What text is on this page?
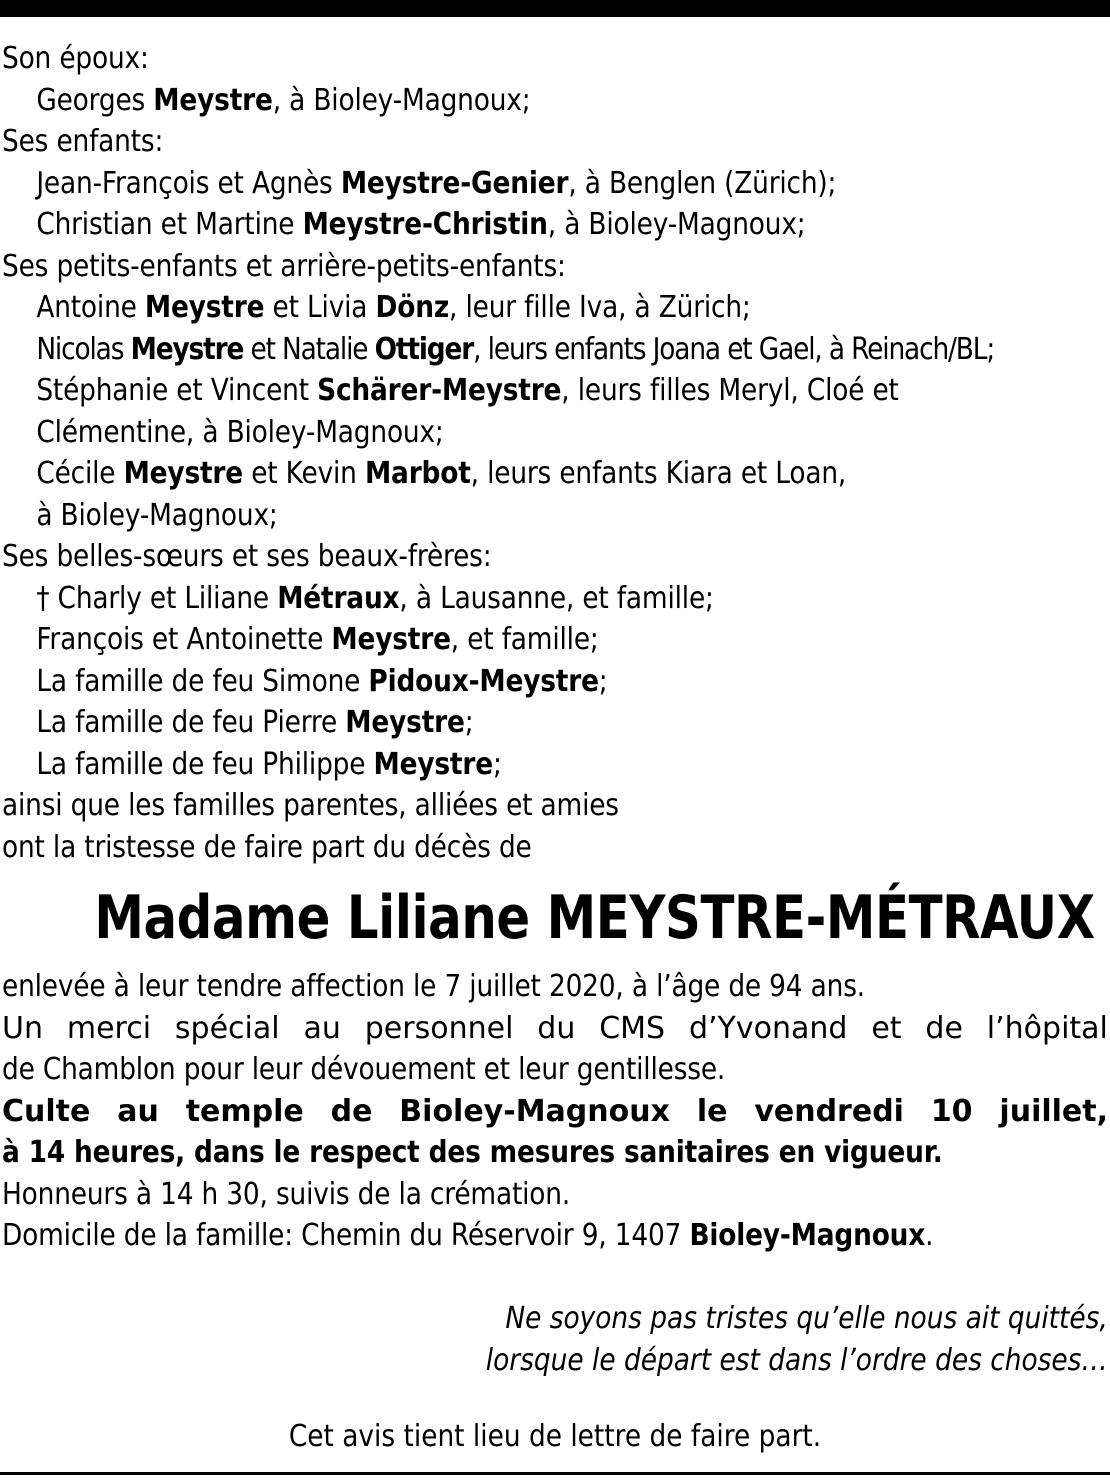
Son époux:
Georges Meystre, à Bioley-Magnoux;
Ses enfants:
Jean-François et Agnès Meystre-Genier, à Benglen (Zürich);
Christian et Martine Meystre-Christin, à Bioley-Magnoux;
Ses petits-enfants et arrière-petits-enfants:
Antoine Meystre et Livia Dönz, leur fille Iva, à Zürich;
Nicolas Meystre et Natalie Ottiger, leurs enfants Joana et Gael, à Reinach/BL;
Stéphanie et Vincent Schärer-Meystre, leurs filles Meryl, Cloé et
Clémentine, à Bioley-Magnoux;
Cécile Meystre et Kevin Marbot, leurs enfants Kiara et Loan,
à Bioley-Magnoux;
Ses belles-sœurs et ses beaux-frères:
† Charly et Liliane Métraux, à Lausanne, et famille;
François et Antoinette Meystre, et famille;
La famille de feu Simone Pidoux-Meystre;
La famille de feu Pierre Meystre;
La famille de feu Philippe Meystre;
ainsi que les familles parentes, alliées et amies
ont la tristesse de faire part du décès de
Madame Liliane MEYSTRE-MÉTRAUX
enlevée à leur tendre affection le 7 juillet 2020, à l’âge de 94 ans.
Un merci spécial au personnel du CMS d’Yvonand et de l’hôpital
de Chamblon pour leur dévouement et leur gentillesse.
Culte au temple de Bioley-Magnoux le vendredi 10 juillet,
à 14 heures, dans le respect des mesures sanitaires en vigueur.
Honneurs à 14 h 30, suivis de la crémation.
Domicile de la famille: Chemin du Réservoir 9, 1407 Bioley-Magnoux.
Ne soyons pas tristes qu’elle nous ait quittés,
lorsque le départ est dans l’ordre des choses…
Cet avis tient lieu de lettre de faire part.
